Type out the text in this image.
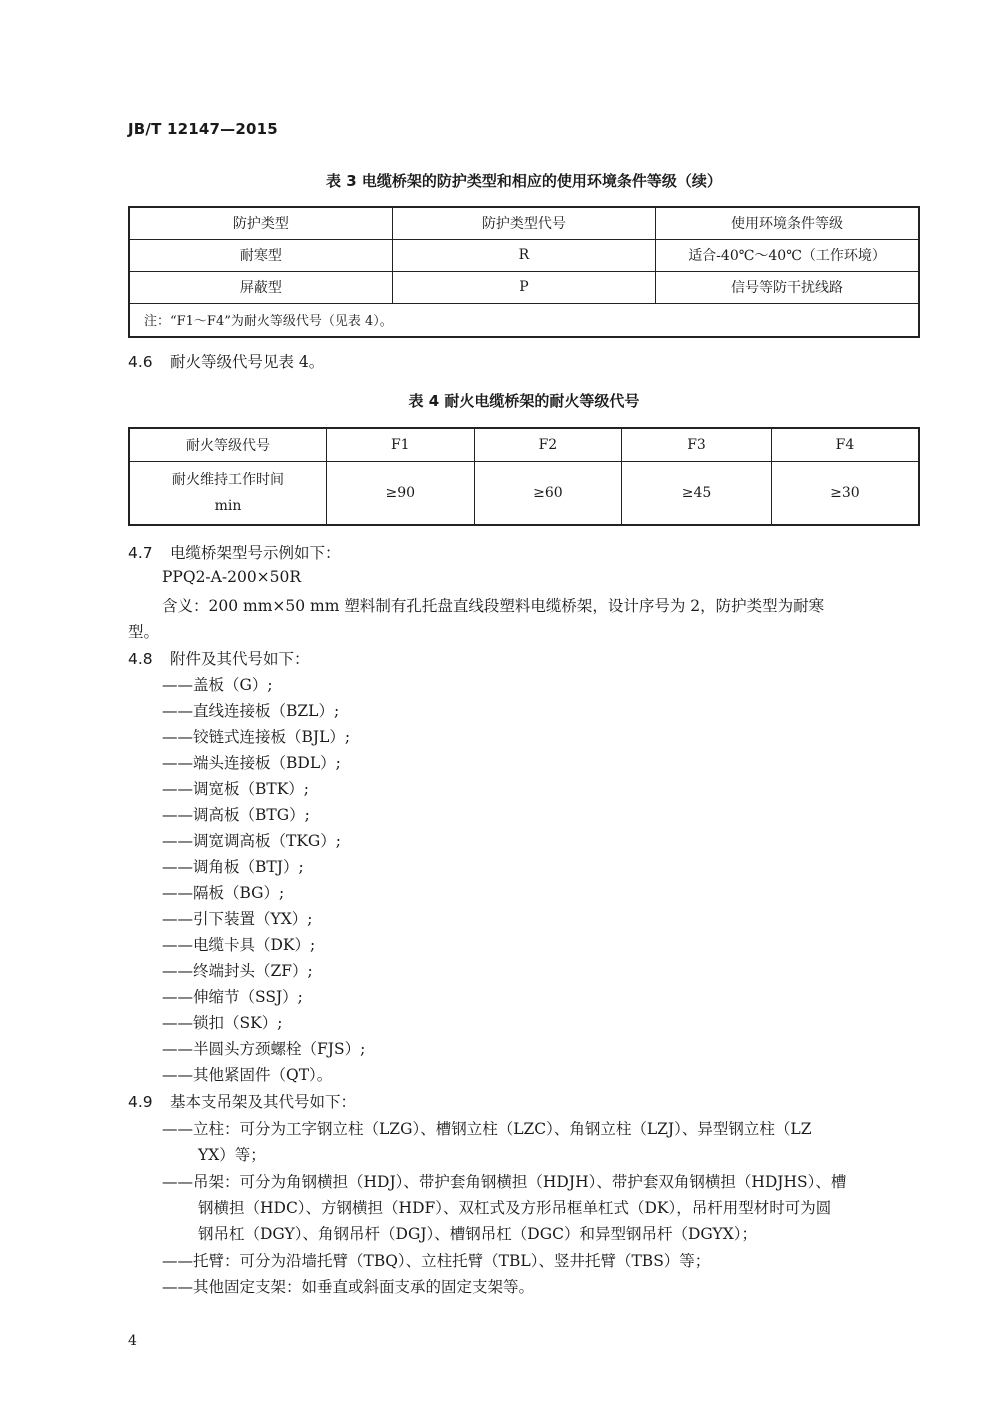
JB/T 12147—2015
表 3 电缆桥架的防护类型和相应的使用环境条件等级（续）
防护类型	防护类型代号	使用环境条件等级
耐寒型	R	适合-40℃～40℃（工作环境）
屏蔽型	P	信号等防干扰线路
注：“F1～F4”为耐火等级代号（见表 4）。		
4.6 耐火等级代号见表 4。
表 4 耐火电缆桥架的耐火等级代号
耐火等级代号	F1	F2	F3	F4

耐火维持工作时间
min	≥90	≥60	≥45	≥30
4.7 电缆桥架型号示例如下：
PPQ2-A-200×50R
含义：200 mm×50 mm 塑料制有孔托盘直线段塑料电缆桥架，设计序号为 2，防护类型为耐寒
型。
4.8 附件及其代号如下：
——盖板（G）;
——直线连接板（BZL）;
——铰链式连接板（BJL）;
——端头连接板（BDL）;
——调宽板（BTK）;
——调高板（BTG）;
——调宽调高板（TKG）;
——调角板（BTJ）;
——隔板（BG）;
——引下装置（YX）;
——电缆卡具（DK）;
——终端封头（ZF）;
——伸缩节（SSJ）;
——锁扣（SK）;
——半圆头方颈螺栓（FJS）;
——其他紧固件（QT）。
4.9 基本支吊架及其代号如下：
——立柱：可分为工字钢立柱（LZG）、槽钢立柱（LZC）、角钢立柱（LZJ）、异型钢立柱（LZ
YX）等；
——吊架：可分为角钢横担（HDJ）、带护套角钢横担（HDJH）、带护套双角钢横担（HDJHS）、槽
钢横担（HDC）、方钢横担（HDF）、双杠式及方形吊框单杠式（DK），吊杆用型材时可为圆
钢吊杠（DGY）、角钢吊杆（DGJ）、槽钢吊杠（DGC）和异型钢吊杆（DGYX）；
——托臂：可分为沿墙托臂（TBQ）、立柱托臂（TBL）、竖井托臂（TBS）等；
——其他固定支架：如垂直或斜面支承的固定支架等。
4
